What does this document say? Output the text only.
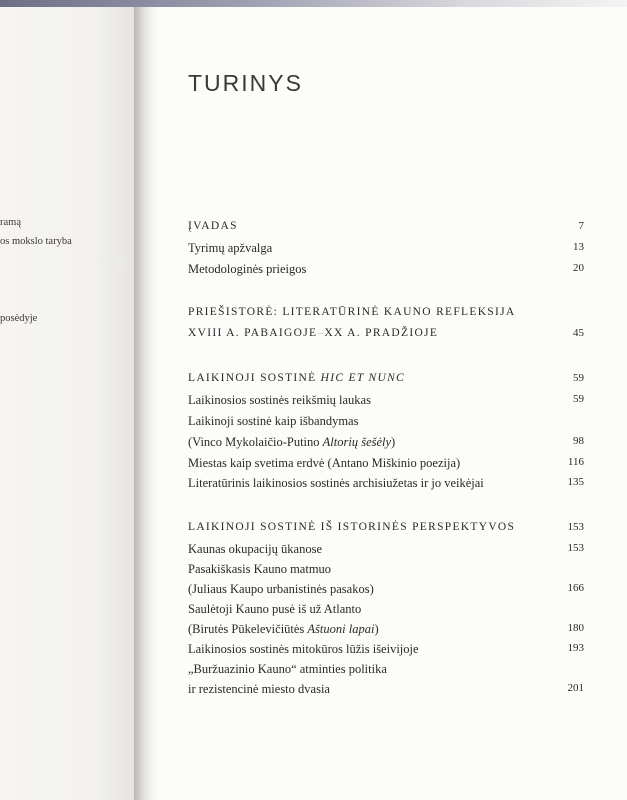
ramą
os mokslo taryba
posėdyje
TURINYS
ĮVADAS	7
Tyrimų apžvalga	13
Metodologinės prieigos	20
PRIEŠISTORĖ: LITERATŪRINĖ KAUNO REFLEKSIJA
XVIII A. PABAIGOJE–XX A. PRADŽIOJE	45
LAIKINOJI SOSTINĖ HIC ET NUNC	59
Laikinosios sostinės reikšmių laukas	59
Laikinoji sostinė kaip išbandymas
(Vinco Mykolaičio-Putino Altorių šešėly)	98
Miestas kaip svetima erdvė (Antano Miškinio poezija)	116
Literatūrinis laikinosios sostinės archisiužetas ir jo veikėjai	135
LAIKINOJI SOSTINĖ IŠ ISTORINĖS PERSPEKTYVOS	153
Kaunas okupacijų ūkanose	153
Pasakiškasis Kauno matmuo
(Juliaus Kaupo urbanistinės pasakos)	166
Saulėtoji Kauno pusė iš už Atlanto
(Birutės Pūkelevičiūtės Aštuoni lapai)	180
Laikinosios sostinės mitokūros lūžis išeivijoje	193
„Buržuazinio Kauno“ atminties politika
ir rezistencinė miesto dvasia	201
